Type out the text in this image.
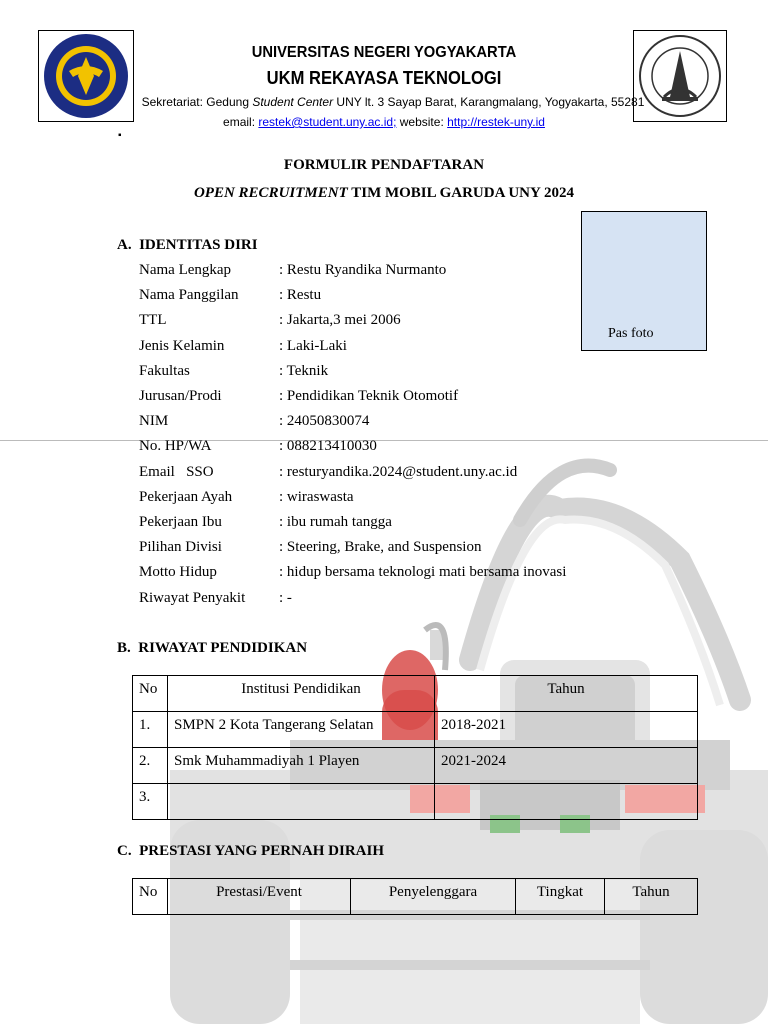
UNIVERSITAS NEGERI YOGYAKARTA
UKM REKAYASA TEKNOLOGI
Sekretariat: Gedung Student Center UNY lt. 3 Sayap Barat, Karangmalang, Yogyakarta, 55281
email: restek@student.uny.ac.id; website: http://restek-uny.id
▪
FORMULIR PENDAFTARAN
OPEN RECRUITMENT TIM MOBIL GARUDA UNY 2024
Pas foto
A.  IDENTITAS DIRI
Nama Lengkap	: Restu Ryandika Nurmanto
Nama Panggilan	: Restu
TTL	: Jakarta,3 mei 2006
Jenis Kelamin	: Laki-Laki
Fakultas	: Teknik
Jurusan/Prodi	: Pendidikan Teknik Otomotif
NIM	: 24050830074
No. HP/WA	: 088213410030
Email   SSO	: resturyandika.2024@student.uny.ac.id
Pekerjaan Ayah	: wiraswasta
Pekerjaan Ibu	: ibu rumah tangga
Pilihan Divisi	: Steering, Brake, and Suspension
Motto Hidup	: hidup bersama teknologi mati bersama inovasi
Riwayat Penyakit : -
B.  RIWAYAT PENDIDIKAN
No	Institusi Pendidikan	Tahun
1.	SMPN 2 Kota Tangerang Selatan	2018-2021
2.	Smk Muhammadiyah 1 Playen	2021-2024
3.		
C.  PRESTASI YANG PERNAH DIRAIH
No	Prestasi/Event	Penyelenggara	Tingkat	Tahun
